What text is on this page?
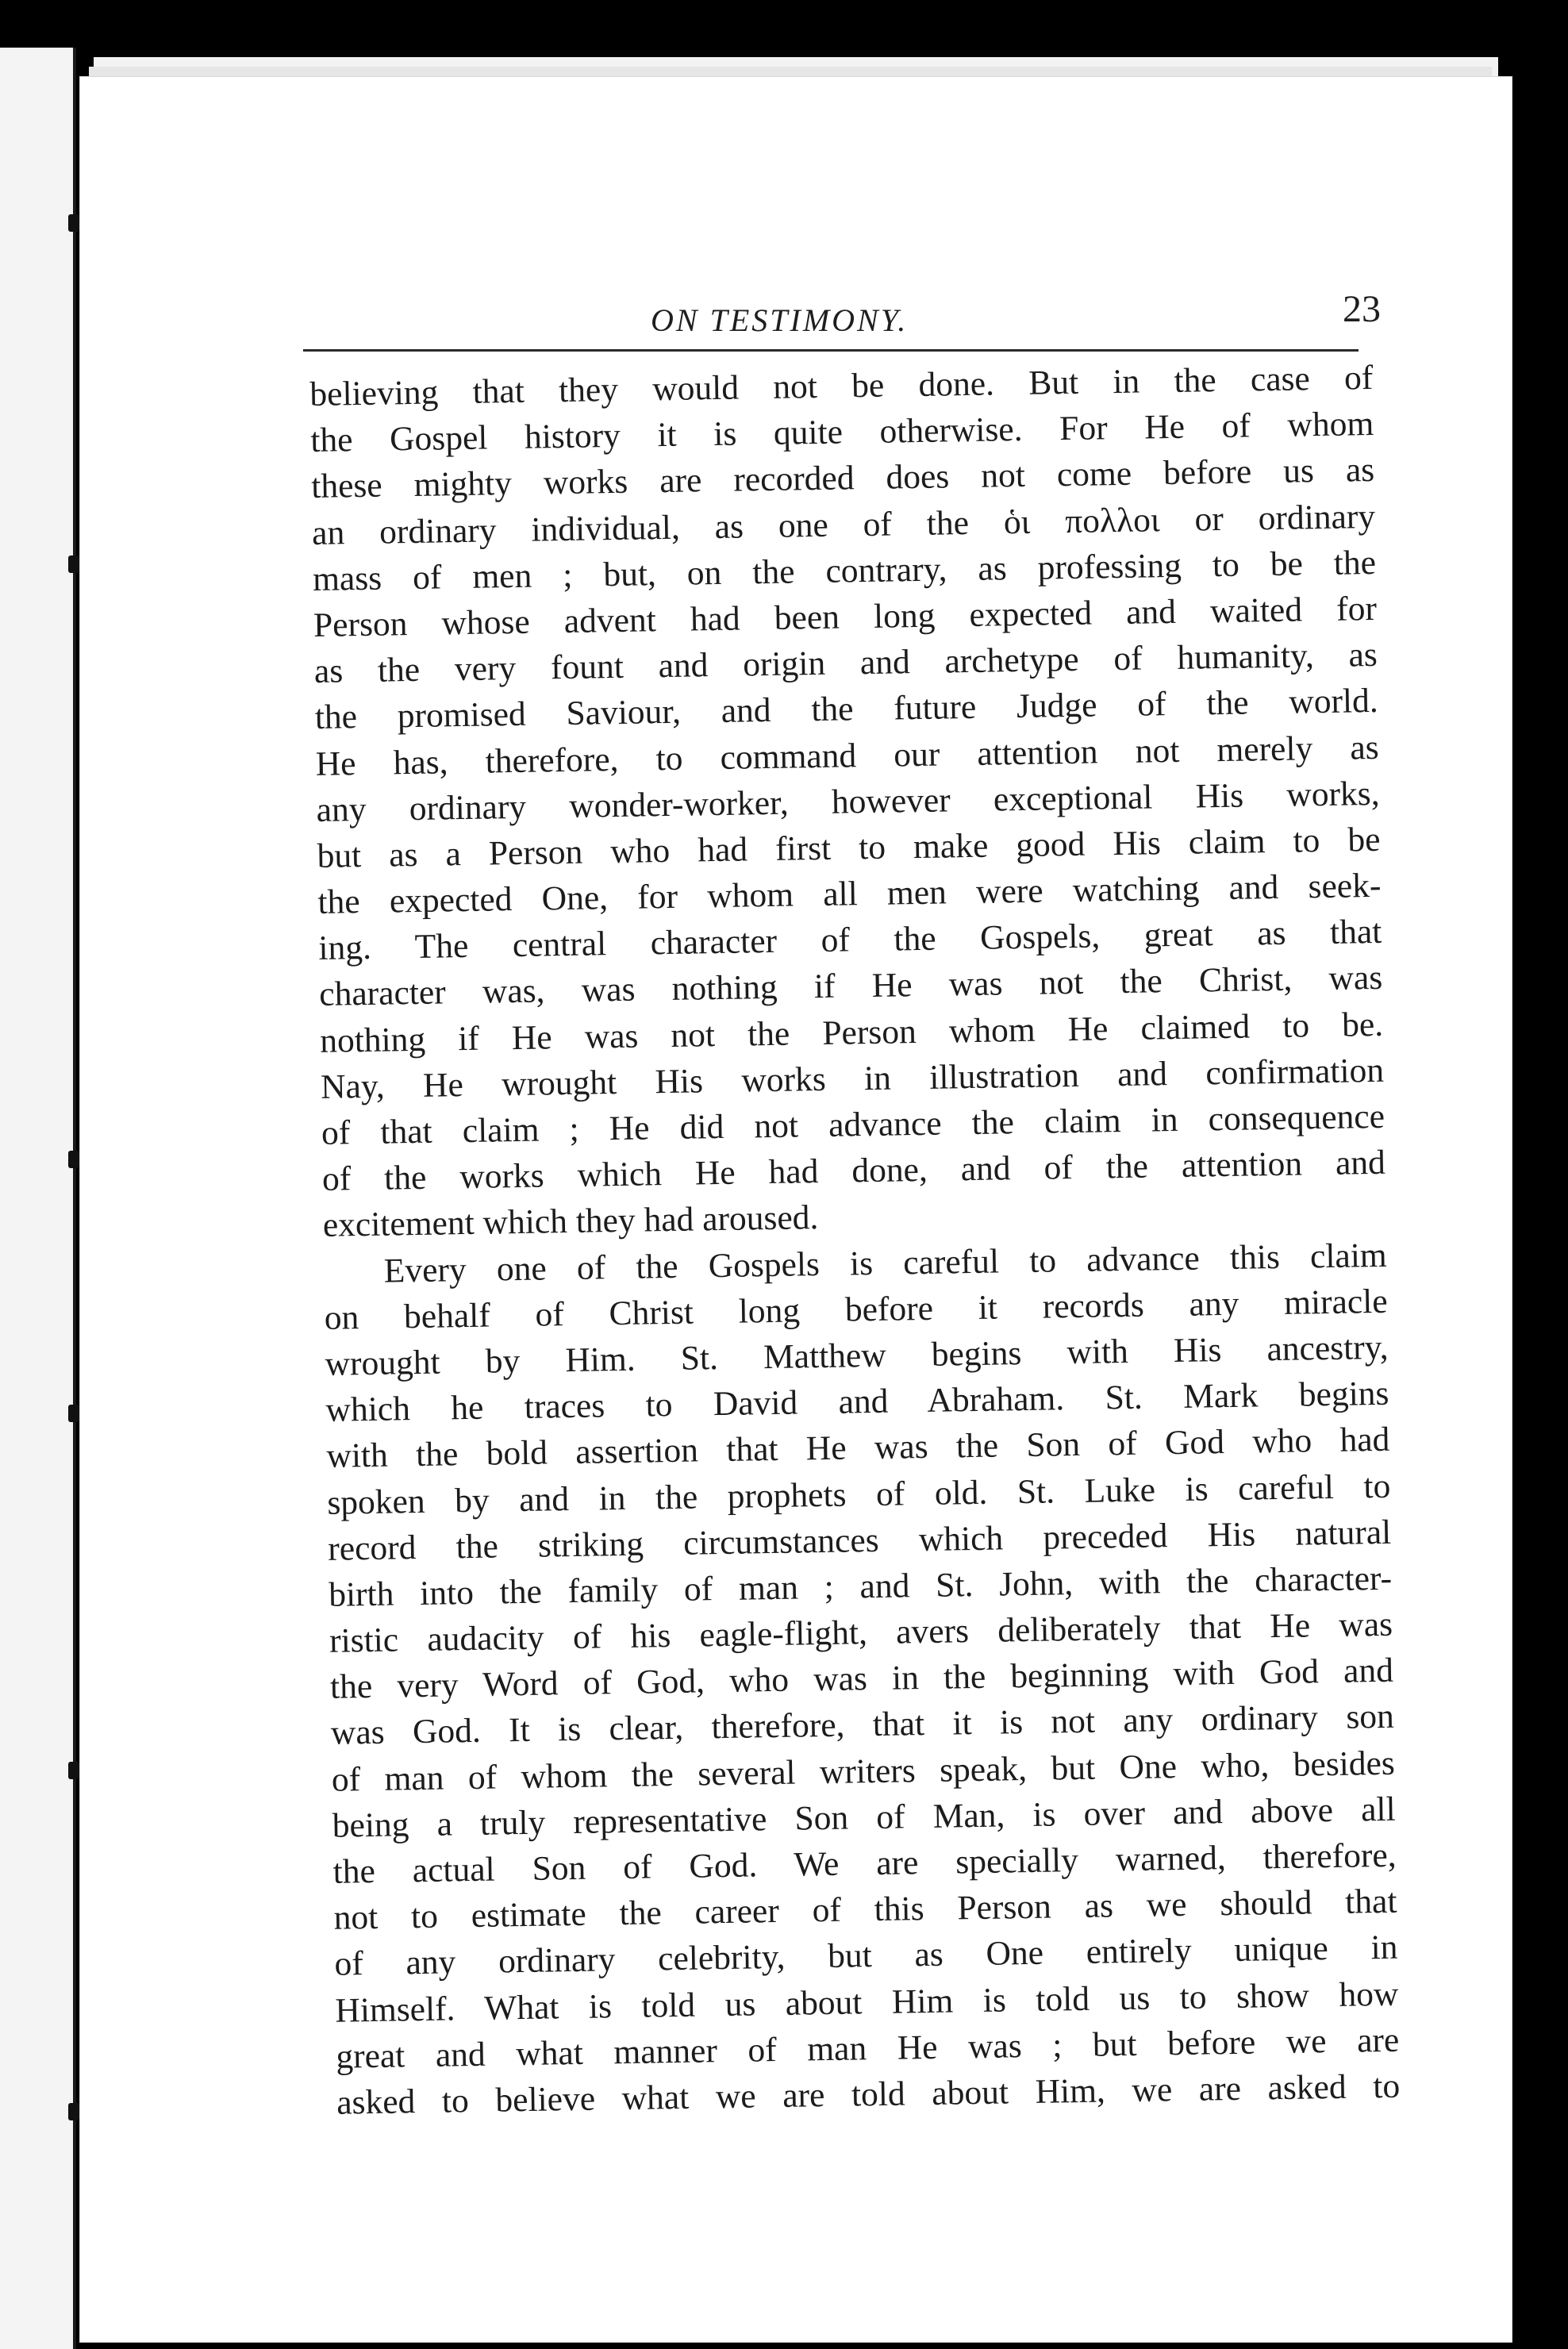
ON TESTIMONY.	23
believing that they would not be done. But in the case of
the Gospel history it is quite otherwise. For He of whom
these mighty works are recorded does not come before us as
an ordinary individual, as one of the ὁι πολλοι or ordinary
mass of men ; but, on the contrary, as professing to be the
Person whose advent had been long expected and waited for
as the very fount and origin and archetype of humanity, as
the promised Saviour, and the future Judge of the world.
He has, therefore, to command our attention not merely as
any ordinary wonder-worker, however exceptional His works,
but as a Person who had first to make good His claim to be
the expected One, for whom all men were watching and seek-
ing. The central character of the Gospels, great as that
character was, was nothing if He was not the Christ, was
nothing if He was not the Person whom He claimed to be.
Nay, He wrought His works in illustration and confirmation
of that claim ; He did not advance the claim in consequence
of the works which He had done, and of the attention and
excitement which they had aroused.
Every one of the Gospels is careful to advance this claim
on behalf of Christ long before it records any miracle
wrought by Him. St. Matthew begins with His ancestry,
which he traces to David and Abraham. St. Mark begins
with the bold assertion that He was the Son of God who had
spoken by and in the prophets of old. St. Luke is careful to
record the striking circumstances which preceded His natural
birth into the family of man ; and St. John, with the character-
ristic audacity of his eagle-flight, avers deliberately that He was
the very Word of God, who was in the beginning with God and
was God. It is clear, therefore, that it is not any ordinary son
of man of whom the several writers speak, but One who, besides
being a truly representative Son of Man, is over and above all
the actual Son of God. We are specially warned, therefore,
not to estimate the career of this Person as we should that
of any ordinary celebrity, but as One entirely unique in
Himself. What is told us about Him is told us to show how
great and what manner of man He was ; but before we are
asked to believe what we are told about Him, we are asked to
